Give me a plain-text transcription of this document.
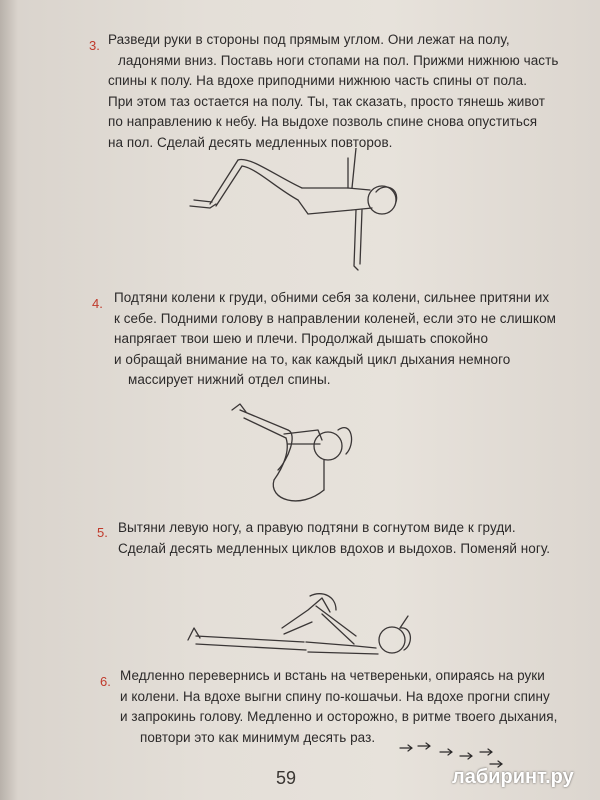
3. Разведи руки в стороны под прямым углом. Они лежат на полу,
ладонями вниз. Поставь ноги стопами на пол. Прижми нижнюю часть
спины к полу. На вдохе приподними нижнюю часть спины от пола.
При этом таз остается на полу. Ты, так сказать, просто тянешь живот
по направлению к небу. На выдохе позволь спине снова опуститься
на пол. Сделай десять медленных повторов.
4. Подтяни колени к груди, обними себя за колени, сильнее притяни их
к себе. Подними голову в направлении коленей, если это не слишком
напрягает твои шею и плечи. Продолжай дышать спокойно
и обращай внимание на то, как каждый цикл дыхания немного
массирует нижний отдел спины.
5. Вытяни левую ногу, а правую подтяни в согнутом виде к груди.
Сделай десять медленных циклов вдохов и выдохов. Поменяй ногу.
6. Медленно перевернись и встань на четвереньки, опираясь на руки
и колени. На вдохе выгни спину по-кошачьи. На вдохе прогни спину
и запрокинь голову. Медленно и осторожно, в ритме твоего дыхания,
повтори это как минимум десять раз.
59	лабиринт.ру
